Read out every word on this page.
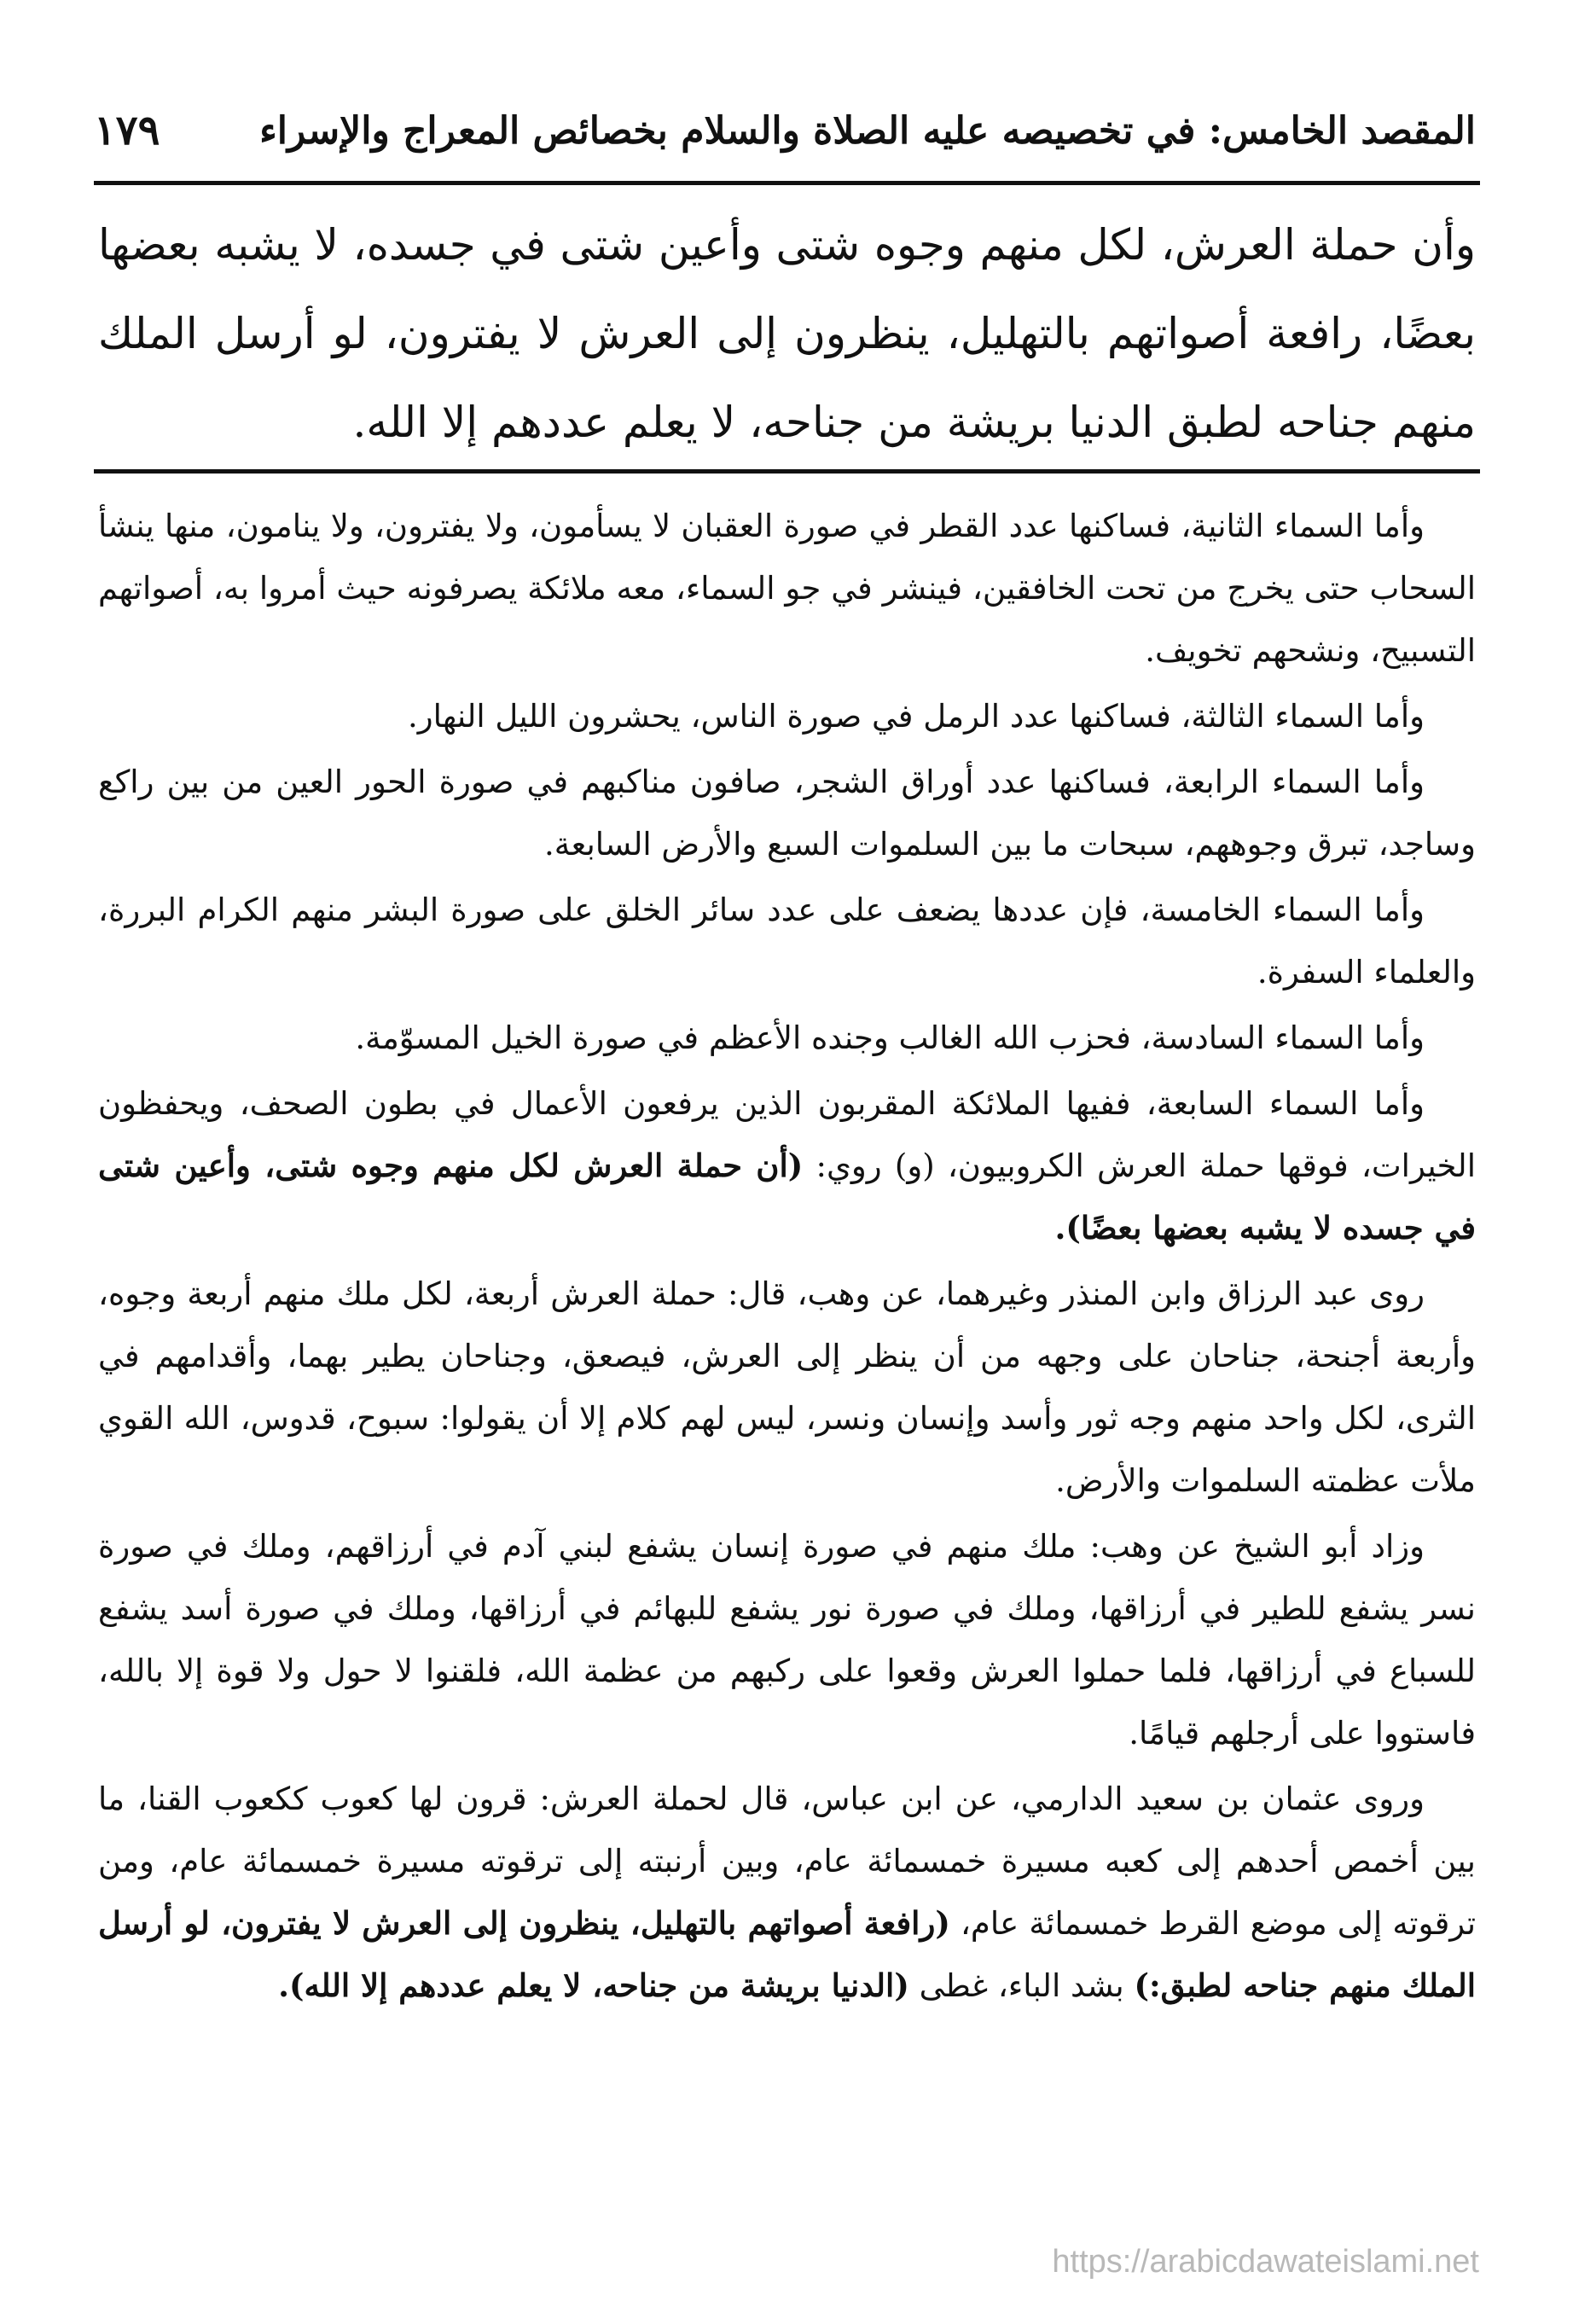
المقصد الخامس: في تخصيصه عليه الصلاة والسلام بخصائص المعراج والإسراء
١٧٩
وأن حملة العرش، لكل منهم وجوه شتى وأعين شتى في جسده، لا يشبه بعضها بعضًا، رافعة أصواتهم بالتهليل، ينظرون إلى العرش لا يفترون، لو أرسل الملك منهم جناحه لطبق الدنيا بريشة من جناحه، لا يعلم عددهم إلا الله.

وأما السماء الثانية، فساكنها عدد القطر في صورة العقبان لا يسأمون، ولا يفترون، ولا ينامون، منها ينشأ السحاب حتى يخرج من تحت الخافقين، فينشر في جو السماء، معه ملائكة يصرفونه حيث أمروا به، أصواتهم التسبيح، ونشحهم تخويف.

وأما السماء الثالثة، فساكنها عدد الرمل في صورة الناس، يحشرون الليل النهار.

وأما السماء الرابعة، فساكنها عدد أوراق الشجر، صافون مناكبهم في صورة الحور العين من بين راكع وساجد، تبرق وجوههم، سبحات ما بين السلموات السبع والأرض السابعة.

وأما السماء الخامسة، فإن عددها يضعف على عدد سائر الخلق على صورة البشر منهم الكرام البررة، والعلماء السفرة.

وأما السماء السادسة، فحزب الله الغالب وجنده الأعظم في صورة الخيل المسوّمة.

وأما السماء السابعة، ففيها الملائكة المقربون الذين يرفعون الأعمال في بطون الصحف، ويحفظون الخيرات، فوقها حملة العرش الكروبيون، (و) روي: (أن حملة العرش لكل منهم وجوه شتى، وأعين شتى في جسده لا يشبه بعضها بعضًا).

روى عبد الرزاق وابن المنذر وغيرهما، عن وهب، قال: حملة العرش أربعة، لكل ملك منهم أربعة وجوه، وأربعة أجنحة، جناحان على وجهه من أن ينظر إلى العرش، فيصعق، وجناحان يطير بهما، وأقدامهم في الثرى، لكل واحد منهم وجه ثور وأسد وإنسان ونسر، ليس لهم كلام إلا أن يقولوا: سبوح، قدوس، الله القوي ملأت عظمته السلموات والأرض.

وزاد أبو الشيخ عن وهب: ملك منهم في صورة إنسان يشفع لبني آدم في أرزاقهم، وملك في صورة نسر يشفع للطير في أرزاقها، وملك في صورة نور يشفع للبهائم في أرزاقها، وملك في صورة أسد يشفع للسباع في أرزاقها، فلما حملوا العرش وقعوا على ركبهم من عظمة الله، فلقنوا لا حول ولا قوة إلا بالله، فاستووا على أرجلهم قيامًا.

وروى عثمان بن سعيد الدارمي، عن ابن عباس، قال لحملة العرش: قرون لها كعوب ككعوب القنا، ما بين أخمص أحدهم إلى كعبه مسيرة خمسمائة عام، وبين أرنبته إلى ترقوته مسيرة خمسمائة عام، ومن ترقوته إلى موضع القرط خمسمائة عام، (رافعة أصواتهم بالتهليل، ينظرون إلى العرش لا يفترون، لو أرسل الملك منهم جناحه لطبق:) بشد الباء، غطى (الدنيا بريشة من جناحه، لا يعلم عددهم إلا الله).

https://arabicdawateislami.net
